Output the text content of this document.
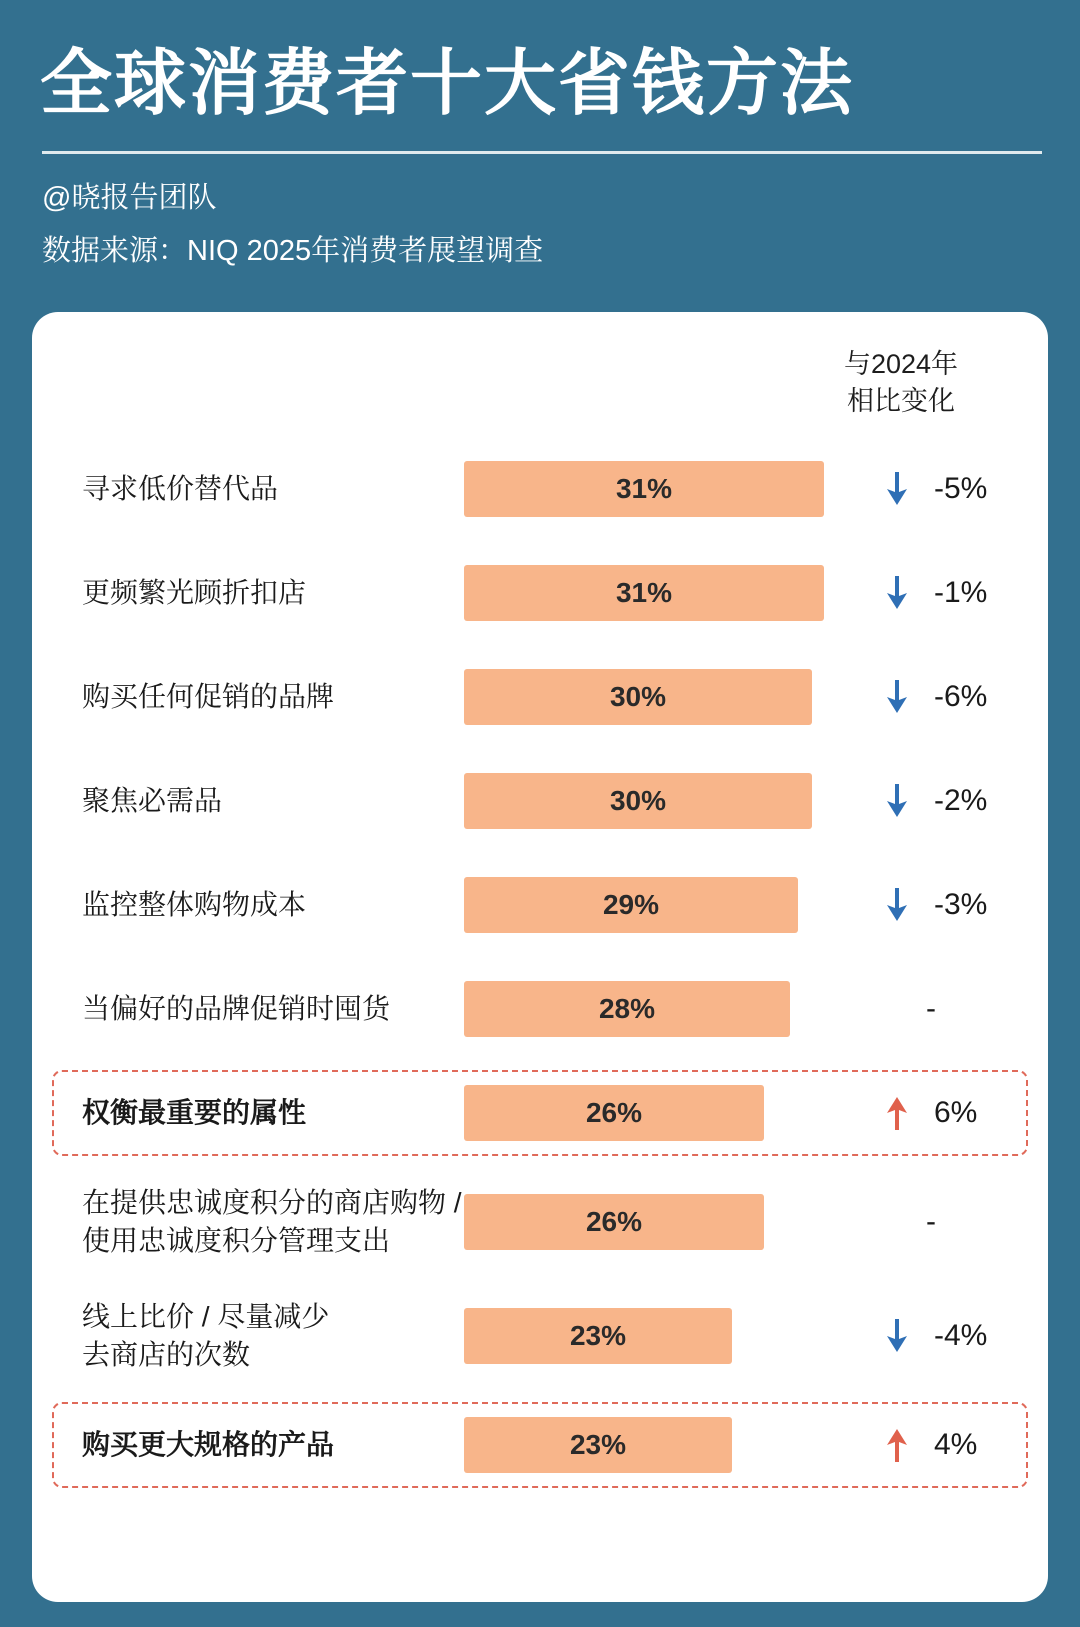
全球消费者十大省钱方法
@晓报告团队
数据来源：NIQ 2025年消费者展望调查
与2024年
相比变化
寻求低价替代品	31%	-5%
更频繁光顾折扣店	31%	-1%
购买任何促销的品牌	30%	-6%
聚焦必需品	30%	-2%
监控整体购物成本	29%	-3%
当偏好的品牌促销时囤货	28%	-
权衡最重要的属性	26%	6%
在提供忠诚度积分的商店购物 /
使用忠诚度积分管理支出
26%	-
线上比价 / 尽量减少
去商店的次数
23%	-4%
购买更大规格的产品	23%	4%
